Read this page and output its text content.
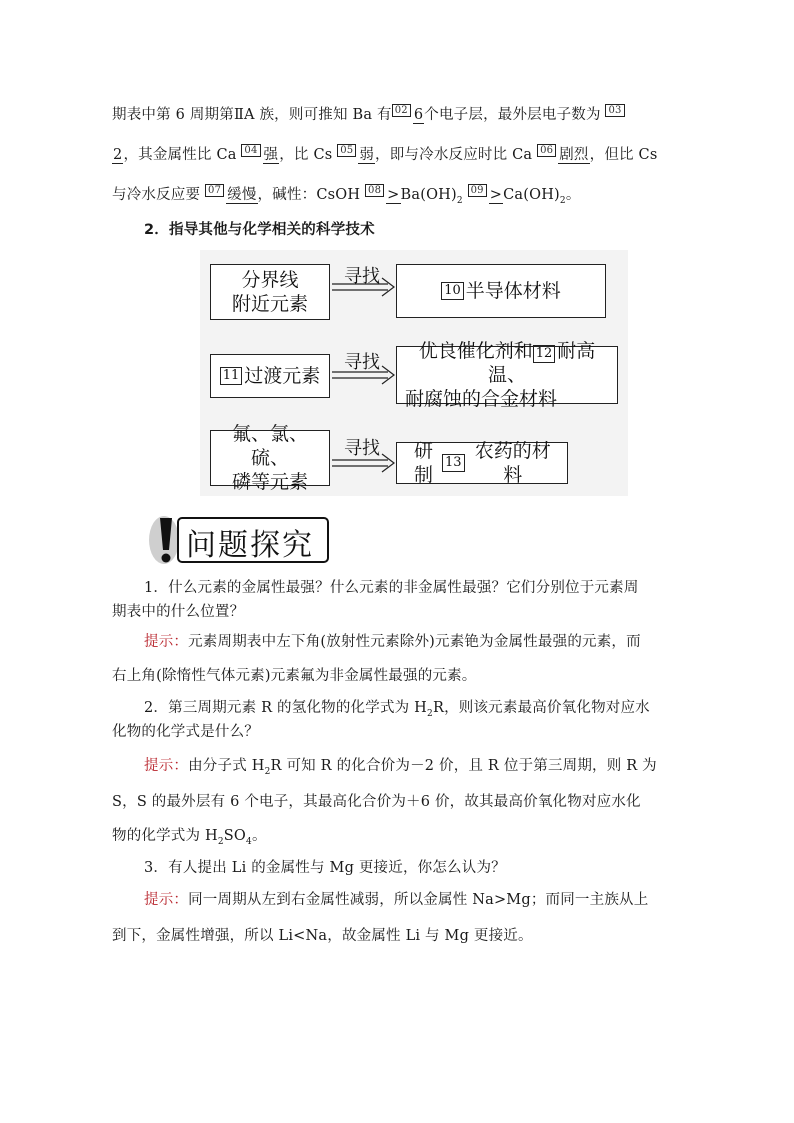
期表中第 6 周期第ⅡA 族，则可推知 Ba 有 02 6个电子层，最外层电子数为 03
2，其金属性比 Ca 04 强，比 Cs 05 弱，即与冷水反应时比 Ca 06 剧烈，但比 Cs
与冷水反应要 07 缓慢，碱性：CsOH $08 >Ba(OH)_2$ $09 >Ca(OH)_2$。
2．指导其他与化学相关的科学技术
寻找
寻找
寻找
分界线
附近元素
10 半导体材料
11 过渡元素
优良催化剂和 12 耐高温、
耐腐蚀的合金材料
氟、氯、硫、
磷等元素
研制
13
农药的材料
问题探究
1．什么元素的金属性最强？什么元素的非金属性最强？它们分别位于元素周
期表中的什么位置？
提示：元素周期表中左下角(放射性元素除外)元素铯为金属性最强的元素，而
右上角(除惰性气体元素)元素氟为非金属性最强的元素。
2．第三周期元素 R 的氢化物的化学式为 $H_2R$，则该元素最高价氧化物对应水
化物的化学式是什么？
提示：由分子式 $H_2R$ 可知 R 的化合价为－2 价，且 R 位于第三周期，则 R 为
S，S 的最外层有 6 个电子，其最高化合价为＋6 价，故其最高价氧化物对应水化
物的化学式为 $H_2SO_4$。
3．有人提出 Li 的金属性与 Mg 更接近，你怎么认为？
提示：同一周期从左到右金属性减弱，所以金属性 Na>Mg；而同一主族从上
到下，金属性增强，所以 Li<Na，故金属性 Li 与 Mg 更接近。
